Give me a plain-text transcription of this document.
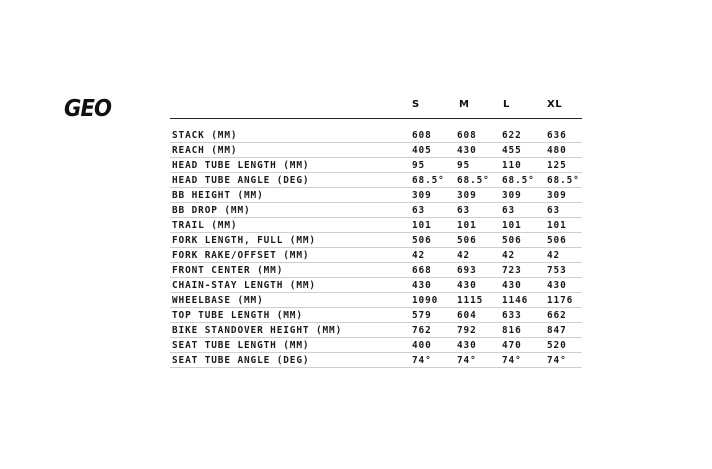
GEO	S	M	L	XL
STACK (MM)	608	608	622	636
REACH (MM)	405	430	455	480
HEAD TUBE LENGTH (MM)	95	95	110	125
HEAD TUBE ANGLE (DEG)	68.5° 68.5° 68.5° 68.5°
BB HEIGHT (MM)	309	309	309	309
BB DROP (MM)	63	63	63	63
TRAIL (MM)	101	101	101	101
FORK LENGTH, FULL (MM)	506	506	506	506
FORK RAKE/OFFSET (MM)	42	42	42	42
FRONT CENTER (MM)	668	693	723	753
CHAIN-STAY LENGTH (MM)	430	430	430	430
WHEELBASE (MM)	1090 1115 1146 1176
TOP TUBE LENGTH (MM)	579	604	633	662
BIKE STANDOVER HEIGHT (MM)	762	792	816	847
SEAT TUBE LENGTH (MM)	400	430	470	520
SEAT TUBE ANGLE (DEG)	74°	74°	74°	74°
